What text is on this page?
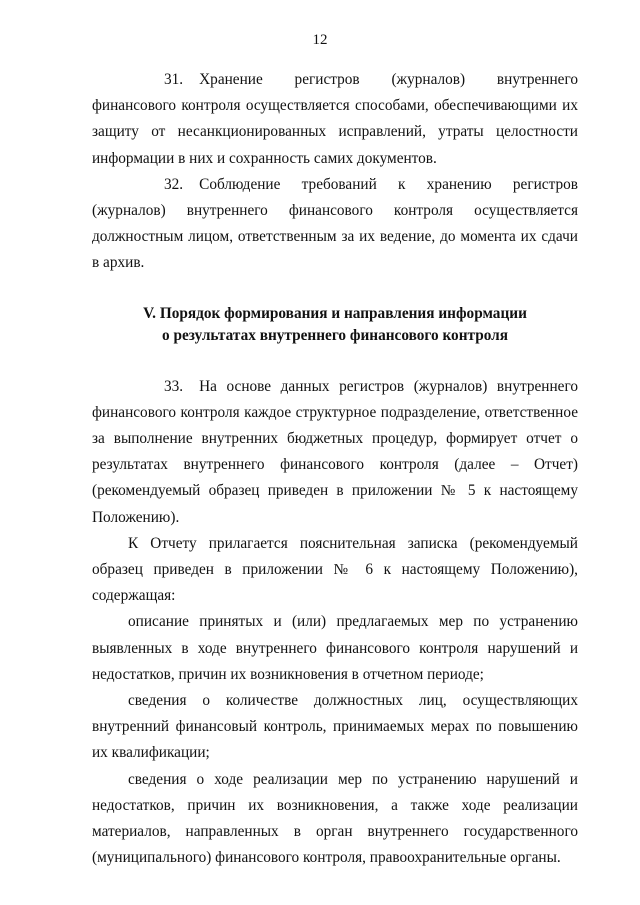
12

31. Хранение регистров (журналов) внутреннего финансового контроля осуществляется способами, обеспечивающими их защиту от несанкционированных исправлений, утраты целостности информации в них и сохранность самих документов.

32. Соблюдение требований к хранению регистров (журналов) внутреннего финансового контроля осуществляется должностным лицом, ответственным за их ведение, до момента их сдачи в архив.

V. Порядок формирования и направления информации
о результатах внутреннего финансового контроля

33. На основе данных регистров (журналов) внутреннего финансового контроля каждое структурное подразделение, ответственное за выполнение внутренних бюджетных процедур, формирует отчет о результатах внутреннего финансового контроля (далее – Отчет) (рекомендуемый образец приведен в приложении № 5 к настоящему Положению).

К Отчету прилагается пояснительная записка (рекомендуемый образец приведен в приложении № 6 к настоящему Положению), содержащая:

описание принятых и (или) предлагаемых мер по устранению выявленных в ходе внутреннего финансового контроля нарушений и недостатков, причин их возникновения в отчетном периоде;

сведения о количестве должностных лиц, осуществляющих внутренний финансовый контроль, принимаемых мерах по повышению их квалификации;

сведения о ходе реализации мер по устранению нарушений и недостатков, причин их возникновения, а также ходе реализации материалов, направленных в орган внутреннего государственного (муниципального) финансового контроля, правоохранительные органы.
